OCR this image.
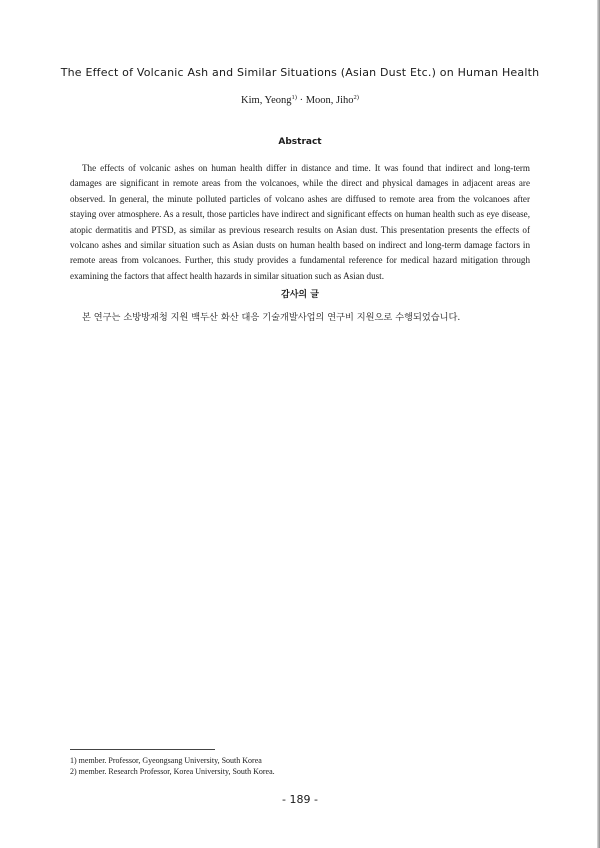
The Effect of Volcanic Ash and Similar Situations (Asian Dust Etc.) on Human Health
Kim, Yeong$^{1)}$ · Moon, Jiho$^{2)}$
Abstract

The effects of volcanic ashes on human health differ in distance and time. It was found that indirect and long-term damages are significant in remote areas from the volcanoes, while the direct and physical damages in adjacent areas are observed. In general, the minute polluted particles of volcano ashes are diffused to remote area from the volcanoes after staying over atmosphere. As a result, those particles have indirect and significant effects on human health such as eye disease, atopic dermatitis and PTSD, as similar as previous research results on Asian dust. This presentation presents the effects of volcano ashes and similar situation such as Asian dusts on human health based on indirect and long-term damage factors in remote areas from volcanoes. Further, this study provides a fundamental reference for medical hazard mitigation through examining the factors that affect health hazards in similar situation such as Asian dust.

감사의 글

본 연구는 소방방재청 지원 백두산 화산 대응 기술개발사업의 연구비 지원으로 수행되었습니다.

1) member. Professor, Gyeongsang University, South Korea
2) member. Research Professor, Korea University, South Korea.
- 189 -
